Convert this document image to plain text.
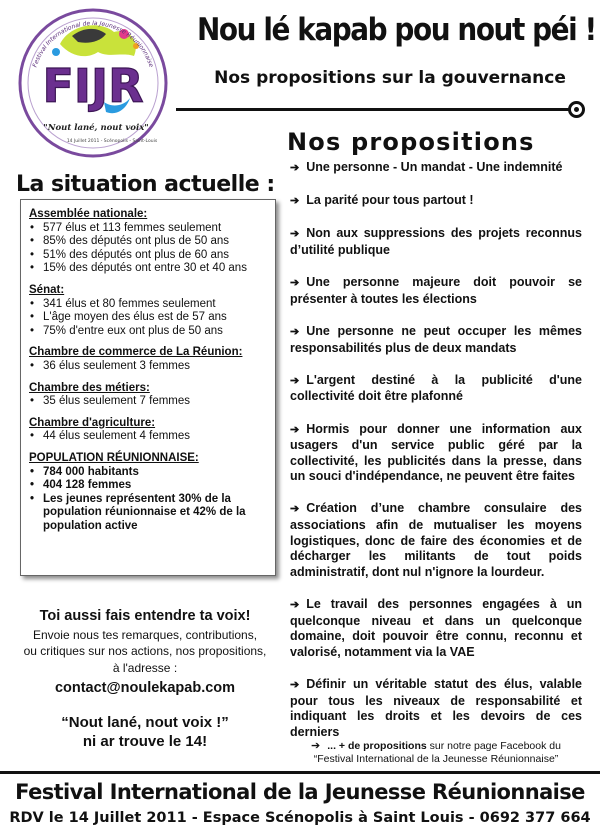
FIJR
Festival International de la Jeunesse Réunionnaise
"Nout lané, nout voix"
14 Juillet 2011 - Scénopolis - Saint-Louis
Nou lé kapab pou nout péi !
Nos propositions sur la gouvernance
La situation actuelle :
Assemblée nationale:
• 577 élus et 113 femmes seulement
• 85% des députés ont plus de 50 ans
• 51% des députés ont plus de 60 ans
• 15% des députés ont entre 30 et 40 ans
Sénat:
• 341 élus et 80 femmes seulement
• L'âge moyen des élus est de 57 ans
• 75% d'entre eux ont plus de 50 ans
Chambre de commerce de La Réunion:
• 36 élus seulement 3 femmes
Chambre des métiers:
• 35 élus seulement 7 femmes
Chambre d'agriculture:
• 44 élus seulement 4 femmes
POPULATION RÉUNIONNAISE:
• 784 000 habitants
• 404 128 femmes
• Les jeunes représentent 30% de la population réunionnaise et 42% de la population active
Toi aussi fais entendre ta voix!
Envoie nous tes remarques, contributions,
ou critiques sur nos actions, nos propositions,
à l'adresse :
contact@noulekapab.com
“Nout lané, nout voix !”
ni ar trouve le 14!
Nos propositions
➔ Une personne - Un mandat - Une indemnité
➔ La parité pour tous partout !
➔ Non aux suppressions des projets reconnus d’utilité publique
➔ Une personne majeure doit pouvoir se présenter à toutes les élections
➔ Une personne ne peut occuper les mêmes responsabilités plus de deux mandats
➔ L'argent destiné à la publicité d'une collectivité doit être plafonné
➔ Hormis pour donner une information aux usagers d'un service public géré par la collectivité, les publicités dans la presse, dans un souci d'indépendance, ne peuvent être faites
➔ Création d’une chambre consulaire des associations afin de mutualiser les moyens logistiques, donc de faire des économies et de décharger les militants de tout poids administratif, dont nul n'ignore la lourdeur.
➔ Le travail des personnes engagées à un quelconque niveau et dans un quelconque domaine, doit pouvoir être connu, reconnu et valorisé, notamment via la VAE
➔ Définir un véritable statut des élus, valable pour tous les niveaux de responsabilité et indiquant les droits et les devoirs de ces derniers
➔ ... + de propositions sur notre page Facebook du “Festival International de la Jeunesse Réunionnaise”
Festival International de la Jeunesse Réunionnaise
RDV le 14 Juillet 2011 - Espace Scénopolis à Saint Louis - 0692 377 664
